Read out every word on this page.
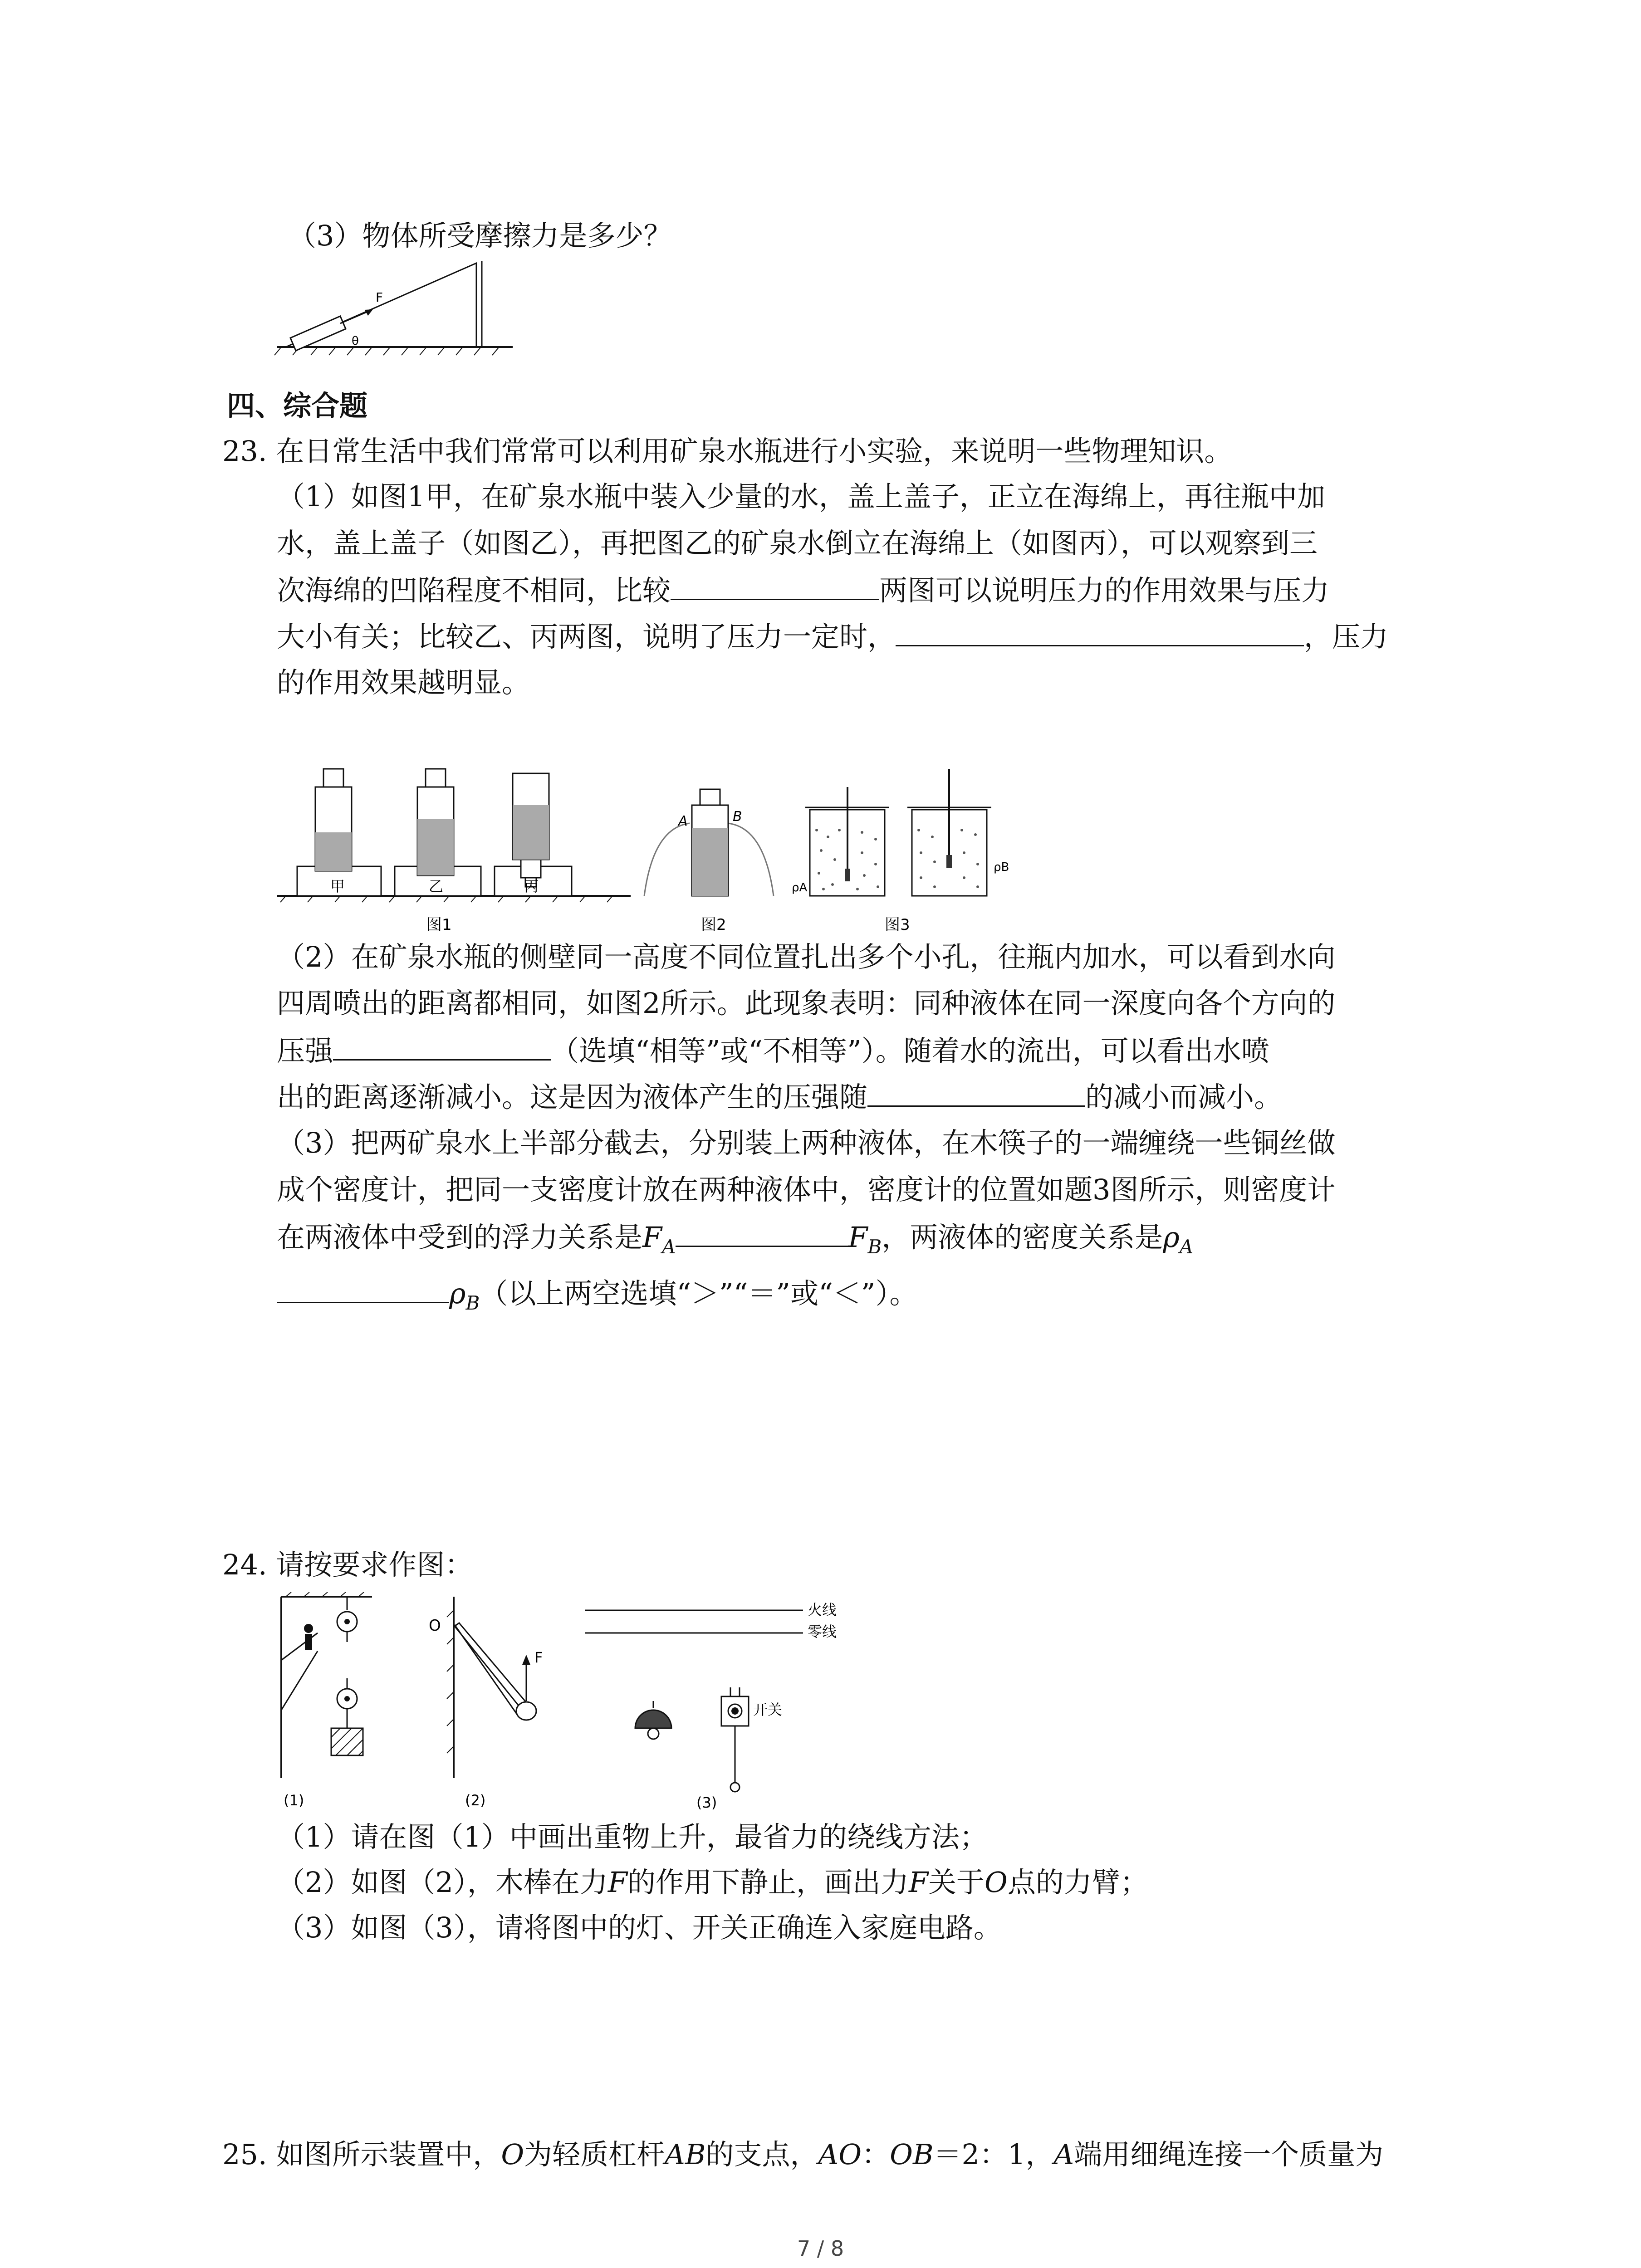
（3）物体所受摩擦力是多少？
F
θ
四、综合题
23. 在日常生活中我们常常可以利用矿泉水瓶进行小实验，来说明一些物理知识。
（1）如图1甲，在矿泉水瓶中装入少量的水，盖上盖子，正立在海绵上，再往瓶中加
水，盖上盖子（如图乙），再把图乙的矿泉水倒立在海绵上（如图丙），可以观察到三
次海绵的凹陷程度不相同，比较	两图可以说明压力的作用效果与压力
大小有关；比较乙、丙两图，说明了压力一定时，	，压力
的作用效果越明显。
甲	乙	丙
A	B
ρA
ρB
图1	图2	图3
（2）在矿泉水瓶的侧壁同一高度不同位置扎出多个小孔，往瓶内加水，可以看到水向
四周喷出的距离都相同，如图2所示。此现象表明：同种液体在同一深度向各个方向的
压强	（选填“相等”或“不相等”）。随着水的流出，可以看出水喷
出的距离逐渐减小。这是因为液体产生的压强随	的减小而减小。
（3）把两矿泉水上半部分截去，分别装上两种液体，在木筷子的一端缠绕一些铜丝做
成个密度计，把同一支密度计放在两种液体中，密度计的位置如题3图所示，则密度计
在两液体中受到的浮力关系是$F_A$	$F_B$，两液体的密度关系是$\rho_A$
$\rho_B$（以上两空选填“＞”“＝”或“＜”）。
24. 请按要求作图：
(1)
O
F
(2)
火线
零线
开关
(3)
（1）请在图（1）中画出重物上升，最省力的绕线方法；
（2）如图（2），木棒在力F的作用下静止，画出力F关于O点的力臂；
（3）如图（3），请将图中的灯、开关正确连入家庭电路。
25. 如图所示装置中，O为轻质杠杆AB的支点，AO：OB＝2：1，A端用细绳连接一个质量为
7 / 8
